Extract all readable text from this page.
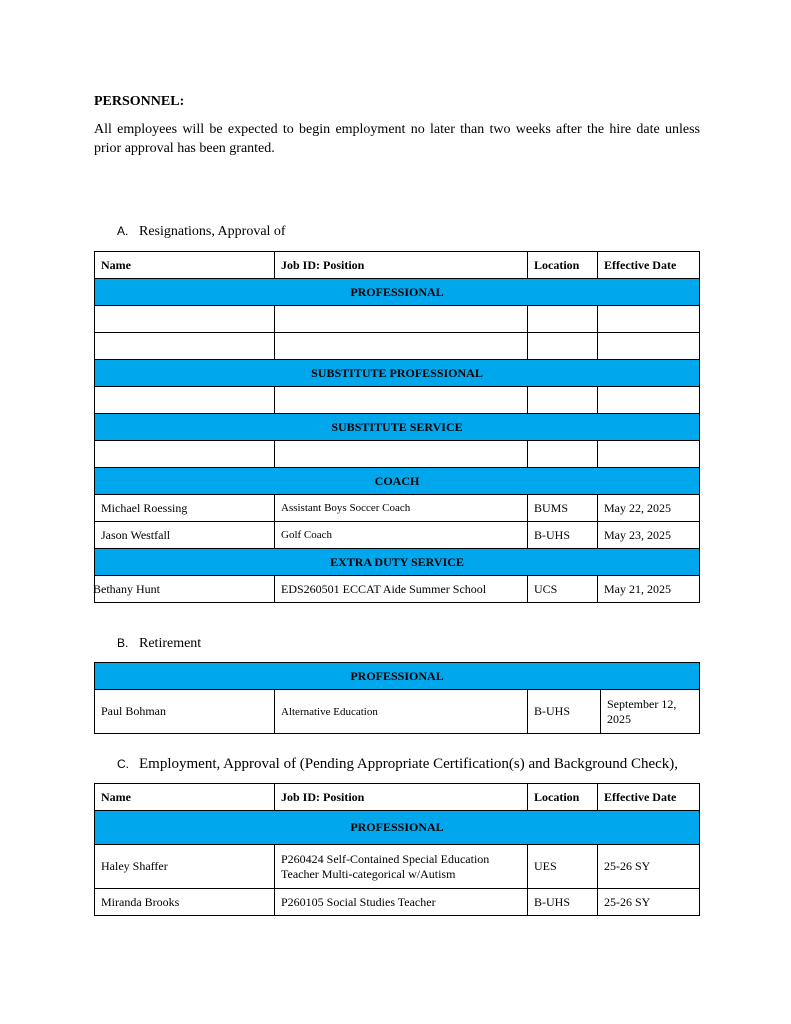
PERSONNEL:

All employees will be expected to begin employment no later than two weeks after the hire date unless prior approval has been granted.

A. Resignations, Approval of

Name	Job ID: Position	Location	Effective Date
PROFESSIONAL			

SUBSTITUTE PROFESSIONAL			

SUBSTITUTE SERVICE			

COACH			
Michael Roessing	Assistant Boys Soccer Coach	BUMS	May 22, 2025
Jason Westfall	Golf Coach	B-UHS	May 23, 2025
EXTRA DUTY SERVICE			
Bethany Hunt	EDS260501 ECCAT Aide Summer School	UCS	May 21, 2025

B. Retirement

PROFESSIONAL
Paul Bohman	Alternative Education	B-UHS	September 12, 2025

C. Employment, Approval of (Pending Appropriate Certification(s) and Background Check),

Name	Job ID: Position	Location	Effective Date
PROFESSIONAL			
Haley Shaffer	P260424 Self-Contained Special Education Teacher Multi-categorical w/Autism	UES	25-26 SY
Miranda Brooks	P260105 Social Studies Teacher	B-UHS	25-26 SY
